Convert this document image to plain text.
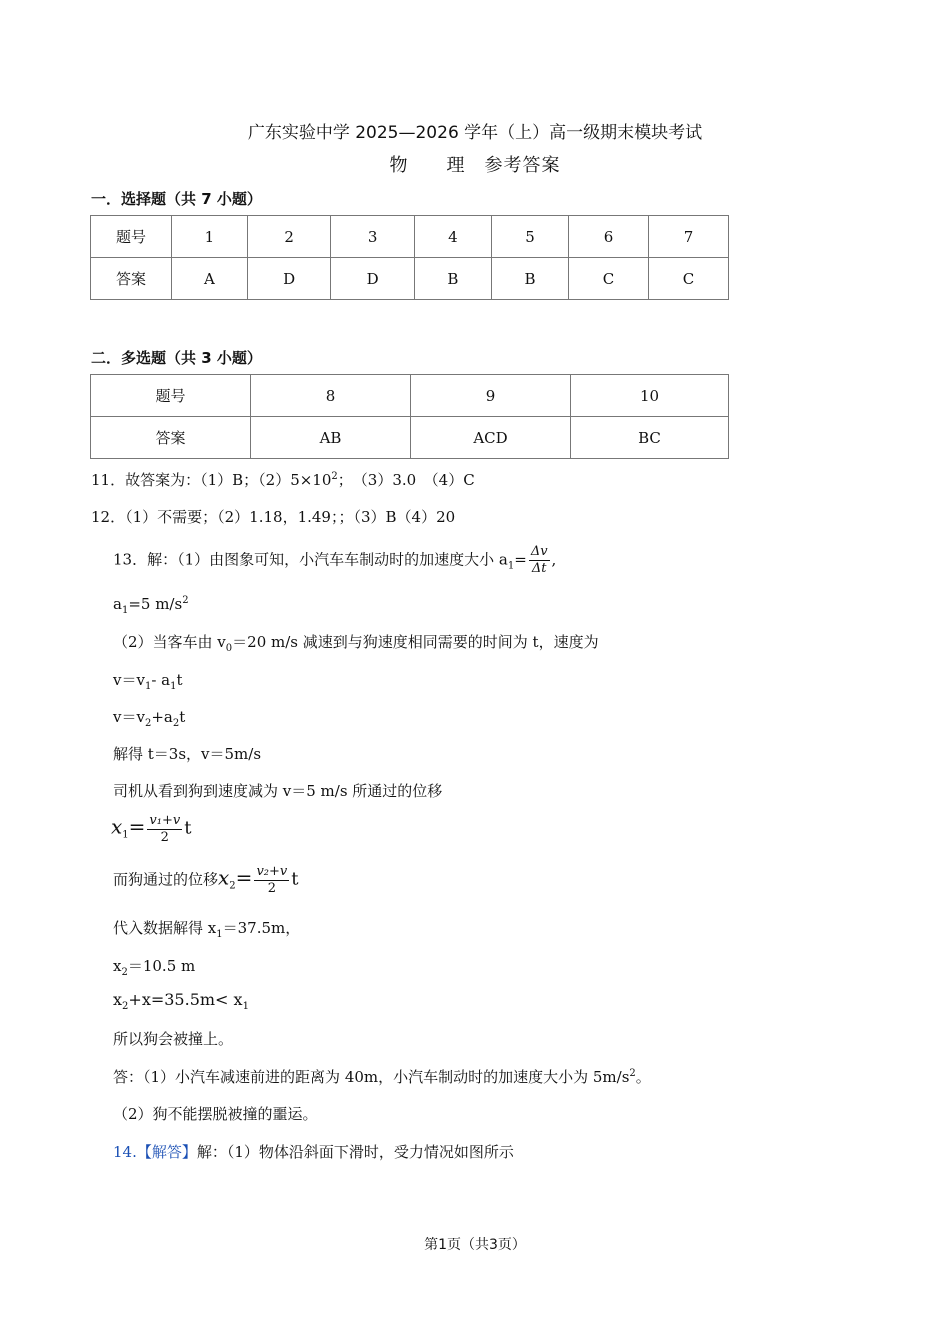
广东实验中学 2025—2026 学年（上）高一级期末模块考试
物　　理　参考答案
一．选择题（共 7 小题）
题号	1	2	3	4	5	6	7
答案	A	D	D	B	B	C	C
二．多选题（共 3 小题）
题号	8	9	10
答案	AB	ACD	BC
11．故答案为：（1）B；$(2)5\times 10^2$；　（3）3.0　（4）C
12．（1）不需要；（2）1.18，1.49；；（3）B（4）20
13．解：（1）由图象可知，小汽车车制动时的加速度大小 $a_1= \frac{\Delta v}{\Delta t}$ ,
$a_1=5$ $m/s^2$
（2）当客车由 $v_0=20$ m/s 减速到与狗速度相同需要的时间为 t，速度为
$v=v_1-$ $a_1t$
$v=v_2+a_2t$
解得 t＝3s，v＝5m/s
司机从看到狗到速度减为 v＝5 m/s 所通过的位移
$x_1= \frac{\text{v₁+v}}{2}$ t
而狗通过的位移$x_2= \frac{\text{v₂+v}}{2}$ t
代入数据解得 $x_1=37.5m$，
$x_2=10.5$ m
$x_2+x=35.5m< x_1$
所以狗会被撞上。
答：（1）小汽车减速前进的距离为 40m，小汽车制动时的加速度大小为 $5m/s^2$。
（2）狗不能摆脱被撞的噩运。
14.【解答】解：（1）物体沿斜面下滑时，受力情况如图所示
第1页（共3页）
